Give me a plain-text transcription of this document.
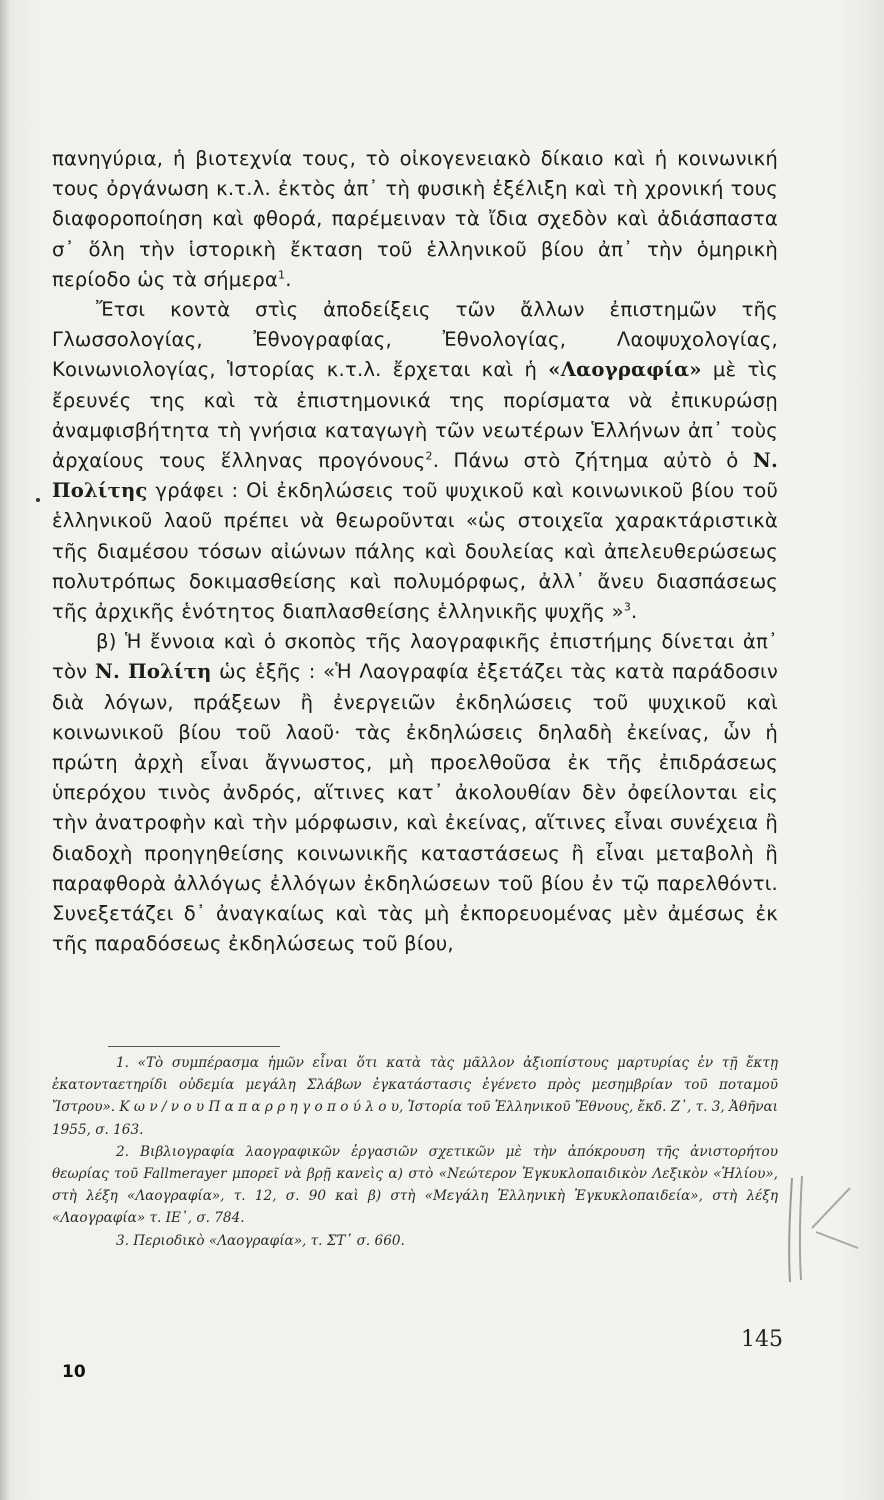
πανηγύρια, ἡ βιοτεχνία τους, τὸ οἰκογενειακὸ δίκαιο καὶ ἡ κοινωνική τους ὀργάνωση κ.τ.λ. ἐκτὸς ἀπ᾽ τὴ φυσικὴ ἐξέλιξη καὶ τὴ χρονική τους διαφοροποίηση καὶ φθορά, παρέμειναν τὰ ἴδια σχεδὸν καὶ ἀδιάσπαστα σ᾽ ὅλη τὴν ἱστορικὴ ἔκταση τοῦ ἑλληνικοῦ βίου ἀπ᾽ τὴν ὁμηρικὴ περίοδο ὡς τὰ σήμερα$^1$.

Ἔτσι κοντὰ στὶς ἀποδείξεις τῶν ἄλλων ἐπιστημῶν τῆς Γλωσσολογίας, Ἐθνογραφίας, Ἐθνολογίας, Λαοψυχολογίας, Κοινωνιολογίας, Ἱστορίας κ.τ.λ. ἔρχεται καὶ ἡ «Λαογραφία» μὲ τὶς ἔρευνές της καὶ τὰ ἐπιστημονικά της πορίσματα νὰ ἐπικυρώσῃ ἀναμφισβήτητα τὴ γνήσια καταγωγὴ τῶν νεωτέρων Ἑλλήνων ἀπ᾽ τοὺς ἀρχαίους τους ἕλληνας προγόνους$^2$. Πάνω στὸ ζήτημα αὐτὸ ὁ Ν. Πολίτης γράφει : Οἱ ἐκδηλώσεις τοῦ ψυχικοῦ καὶ κοινωνικοῦ βίου τοῦ ἑλληνικοῦ λαοῦ πρέπει νὰ θεωροῦνται «ὡς στοιχεῖα χαρακτάριστικὰ τῆς διαμέσου τόσων αἰώνων πάλης καὶ δουλείας καὶ ἀπελευθερώσεως πολυτρόπως δοκιμασθείσης καὶ πολυμόρφως, ἀλλ᾽ ἄνευ διασπάσεως τῆς ἀρχικῆς ἑνότητος διαπλασθείσης ἑλληνικῆς ψυχῆς »$^3$.

β) Ἡ ἔννοια καὶ ὁ σκοπὸς τῆς λαογραφικῆς ἐπιστήμης δίνεται ἀπ᾽ τὸν Ν. Πολίτη ὡς ἑξῆς : «Ἡ Λαογραφία ἐξετάζει τὰς κατὰ παράδοσιν διὰ λόγων, πράξεων ἢ ἐνεργειῶν ἐκδηλώσεις τοῦ ψυχικοῦ καὶ κοινωνικοῦ βίου τοῦ λαοῦ· τὰς ἐκδηλώσεις δηλαδὴ ἐκείνας, ὧν ἡ πρώτη ἀρχὴ εἶναι ἄγνωστος, μὴ προελθοῦσα ἐκ τῆς ἐπιδράσεως ὑπερόχου τινὸς ἀνδρός, αἵτινες κατ᾽ ἀκολουθίαν δὲν ὀφείλονται εἰς τὴν ἀνατροφὴν καὶ τὴν μόρφωσιν, καὶ ἐκείνας, αἵτινες εἶναι συνέχεια ἢ διαδοχὴ προηγηθείσης κοινωνικῆς καταστάσεως ἢ εἶναι μεταβολὴ ἢ παραφθορὰ ἀλλόγως ἐλλόγων ἐκδηλώσεων τοῦ βίου ἐν τῷ παρελθόντι. Συνεξετάζει δ᾽ ἀναγκαίως καὶ τὰς μὴ ἐκπορευομένας μὲν ἀμέσως ἐκ τῆς παραδόσεως ἐκδηλώσεως τοῦ βίου,

1. «Τὸ συμπέρασμα ἡμῶν εἶναι ὅτι κατὰ τὰς μᾶλλον ἀξιοπίστους μαρτυρίας ἐν τῇ ἕκτῃ ἑκατονταετηρίδι οὐδεμία μεγάλη Σλάβων ἐγκατάστασις ἐγένετο πρὸς μεσημβρίαν τοῦ ποταμοῦ Ἴστρου». Κ ω ν / ν ο υ Π α π α ρ ρ η γ ο π ο ύ λ ο υ, Ἱστορία τοῦ Ἑλληνικοῦ Ἔθνους, ἔκδ. Ζ᾽, τ. 3, Ἀθῆναι 1955, σ. 163.

2. Βιβλιογραφία λαογραφικῶν ἐργασιῶν σχετικῶν μὲ τὴν ἀπόκρουση τῆς ἀνιστορήτου θεωρίας τοῦ Fallmerayer μπορεῖ νὰ βρῇ κανεὶς α) στὸ «Νεώτερον Ἐγκυκλοπαιδικὸν Λεξικὸν «Ἡλίου», στὴ λέξη «Λαογραφία», τ. 12, σ. 90 καὶ β) στὴ «Μεγάλη Ἑλληνικὴ Ἐγκυκλοπαιδεία», στὴ λέξη «Λαογραφία» τ. ΙΕ᾽, σ. 784.

3. Περιοδικὸ «Λαογραφία», τ. ΣΤ᾽ σ. 660.

145
10
